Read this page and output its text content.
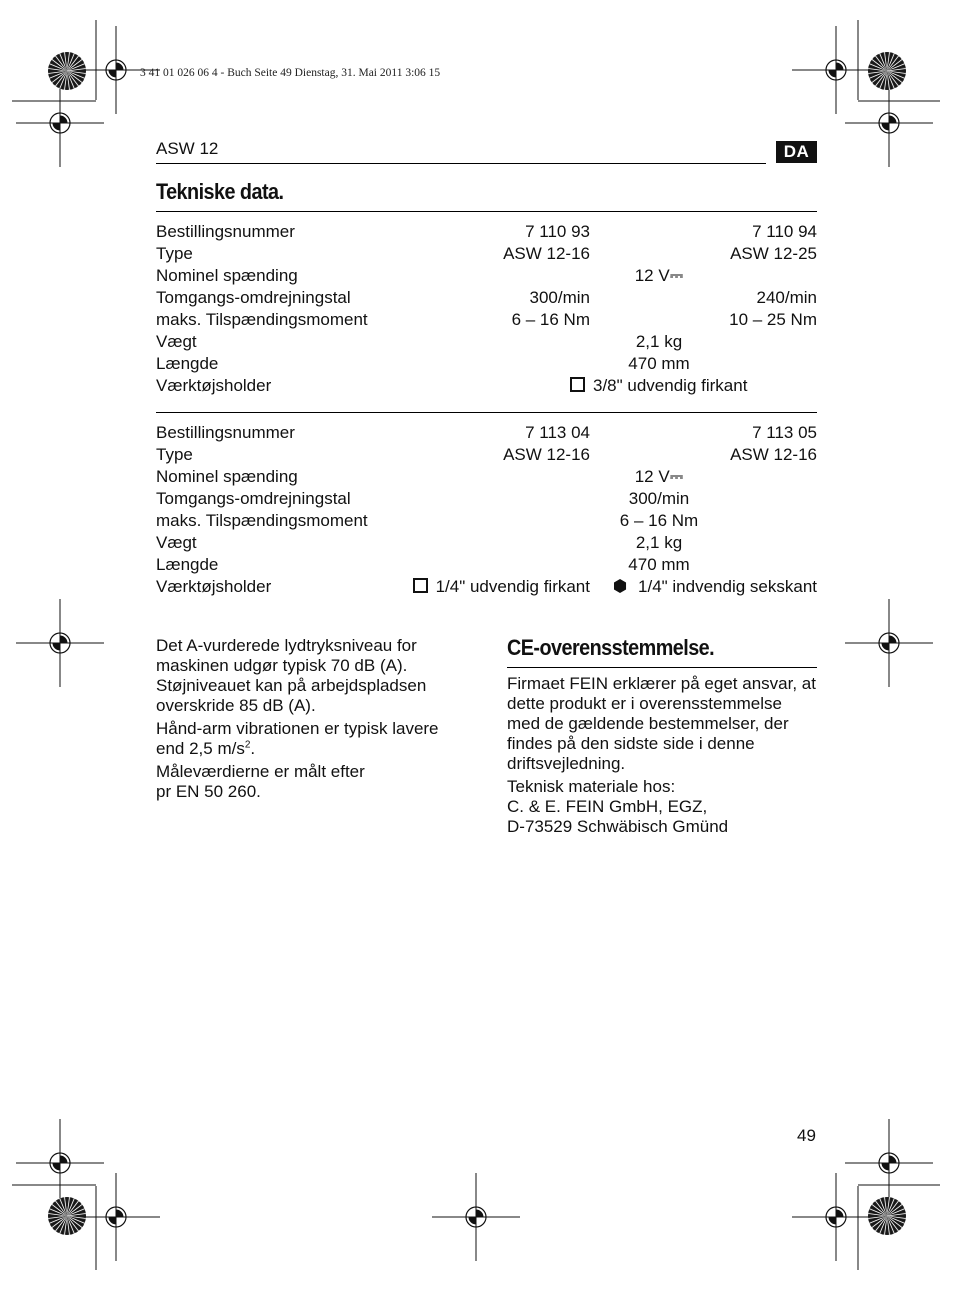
3 41 01 026 06 4 - Buch Seite 49 Dienstag, 31. Mai 2011 3:06 15
ASW 12	DA
Tekniske data.
Bestillingsnummer	7 110 93	7 110 94
Type	ASW 12-16	ASW 12-25
Nominel spænding	12 V⎓	
Tomgangs-omdrejningstal	300/min	240/min
maks. Tilspændingsmoment	6 – 16 Nm	10 – 25 Nm
Vægt	2,1 kg	
Længde	470 mm	
Værktøjsholder	3/8" udvendig firkant	
Bestillingsnummer	7 113 04	7 113 05
Type	ASW 12-16	ASW 12-16
Nominel spænding	12 V⎓	
Tomgangs-omdrejningstal	300/min	
maks. Tilspændingsmoment	6 – 16 Nm	
Vægt	2,1 kg	
Længde	470 mm	
Værktøjsholder	1/4" udvendig firkant	1/4" indvendig sekskant

Det A-vurderede lydtryksniveau for maskinen udgør typisk 70 dB (A). Støjniveauet kan på arbejdspladsen overskride 85 dB (A).

Hånd-arm vibrationen er typisk lavere end 2,5 $m/s^2$.

Måleværdierne er målt efter pr EN 50 260.

CE-overensstemmelse.

Firmaet FEIN erklærer på eget ansvar, at dette produkt er i overensstemmelse med de gældende bestemmelser, der findes på den sidste side i denne driftsvejledning.

Teknisk materiale hos:
C. & E. FEIN GmbH, EGZ,
D-73529 Schwäbisch Gmünd

49
